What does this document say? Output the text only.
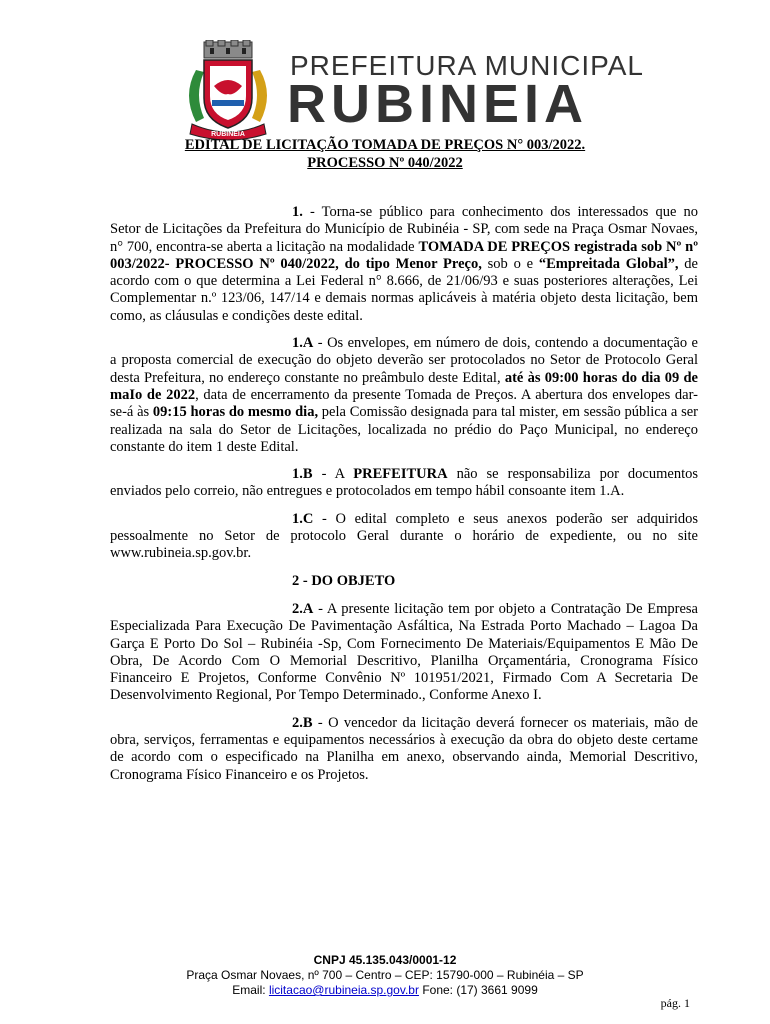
RUBINÉIA
PREFEITURA MUNICIPAL
RUBINEIA
EDITAL DE LICITAÇÃO TOMADA DE PREÇOS N° 003/2022.
PROCESSO Nº 040/2022

1. - Torna-se público para conhecimento dos interessados que no Setor de Licitações da Prefeitura do Município de Rubinéia - SP, com sede na Praça Osmar Novaes, n° 700, encontra-se aberta a licitação na modalidade TOMADA DE PREÇOS registrada sob Nº nº 003/2022- PROCESSO Nº 040/2022, do tipo Menor Preço, sob o e “Empreitada Global”, de acordo com o que determina a Lei Federal n° 8.666, de 21/06/93 e suas posteriores alterações, Lei Complementar n.º 123/06, 147/14 e demais normas aplicáveis à matéria objeto desta licitação, bem como, as cláusulas e condições deste edital.

1.A - Os envelopes, em número de dois, contendo a documentação e a proposta comercial de execução do objeto deverão ser protocolados no Setor de Protocolo Geral desta Prefeitura, no endereço constante no preâmbulo deste Edital, até às 09:00 horas do dia 09 de maIo de 2022, data de encerramento da presente Tomada de Preços. A abertura dos envelopes dar-se-á às 09:15 horas do mesmo dia, pela Comissão designada para tal mister, em sessão pública a ser realizada na sala do Setor de Licitações, localizada no prédio do Paço Municipal, no endereço constante do item 1 deste Edital.

1.B - A PREFEITURA não se responsabiliza por documentos enviados pelo correio, não entregues e protocolados em tempo hábil consoante item 1.A.

1.C - O edital completo e seus anexos poderão ser adquiridos pessoalmente no Setor de protocolo Geral durante o horário de expediente, ou no site www.rubineia.sp.gov.br.

2 - DO OBJETO

2.A - A presente licitação tem por objeto a Contratação De Empresa Especializada Para Execução De Pavimentação Asfáltica, Na Estrada Porto Machado – Lagoa Da Garça E Porto Do Sol – Rubinéia -Sp, Com Fornecimento De Materiais/Equipamentos E Mão De Obra, De Acordo Com O Memorial Descritivo, Planilha Orçamentária, Cronograma Físico Financeiro E Projetos, Conforme Convênio Nº 101951/2021, Firmado Com A Secretaria De Desenvolvimento Regional, Por Tempo Determinado., Conforme Anexo I.

2.B - O vencedor da licitação deverá fornecer os materiais, mão de obra, serviços, ferramentas e equipamentos necessários à execução da obra do objeto deste certame de acordo com o especificado na Planilha em anexo, observando ainda, Memorial Descritivo, Cronograma Físico Financeiro e os Projetos.

CNPJ 45.135.043/0001-12
Praça Osmar Novaes, nº 700 – Centro – CEP: 15790-000 – Rubinéia – SP
Email: licitacao@rubineia.sp.gov.br Fone: (17) 3661 9099
pág. 1
